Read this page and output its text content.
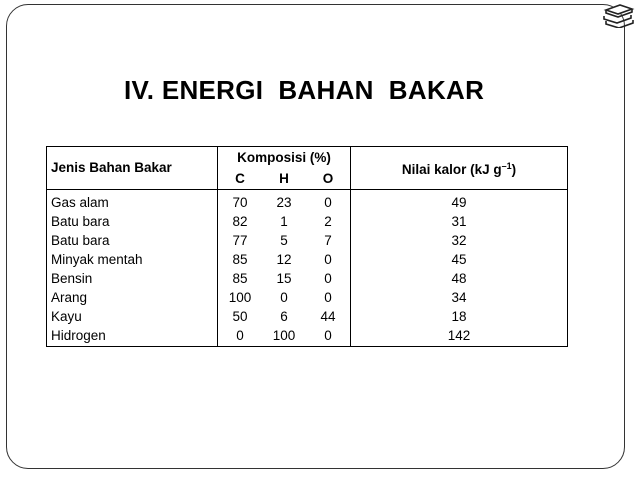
IV. ENERGI  BAHAN  BAKAR
Jenis Bahan Bakar	Komposisi (%)			Nilai kalor (kJ $g^{-1}$)
	C	H	O	
Gas alam	70	23	0	49
Batu bara	82	1	2	31
Batu bara	77	5	7	32
Minyak mentah	85	12	0	45
Bensin	85	15	0	48
Arang	100	0	0	34
Kayu	50	6	44	18
Hidrogen	0	100	0	142
